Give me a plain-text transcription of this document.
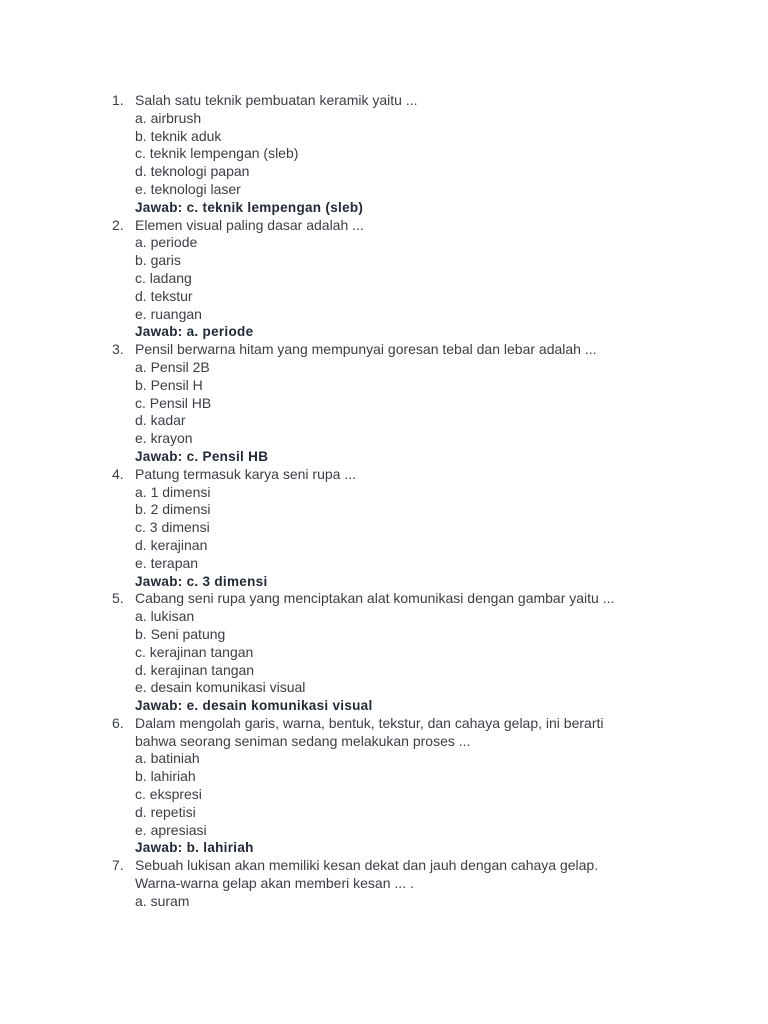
1. Salah satu teknik pembuatan keramik yaitu ...
a. airbrush
b. teknik aduk
c. teknik lempengan (sleb)
d. teknologi papan
e. teknologi laser
Jawab: c. teknik lempengan (sleb)
2. Elemen visual paling dasar adalah ...
a. periode
b. garis
c. ladang
d. tekstur
e. ruangan
Jawab: a. periode
3. Pensil berwarna hitam yang mempunyai goresan tebal dan lebar adalah ...
a. Pensil 2B
b. Pensil H
c. Pensil HB
d. kadar
e. krayon
Jawab: c. Pensil HB
4. Patung termasuk karya seni rupa ...
a. 1 dimensi
b. 2 dimensi
c. 3 dimensi
d. kerajinan
e. terapan
Jawab: c. 3 dimensi
5. Cabang seni rupa yang menciptakan alat komunikasi dengan gambar yaitu ...
a. lukisan
b. Seni patung
c. kerajinan tangan
d. kerajinan tangan
e. desain komunikasi visual
Jawab: e. desain komunikasi visual
6. Dalam mengolah garis, warna, bentuk, tekstur, dan cahaya gelap, ini berarti
bahwa seorang seniman sedang melakukan proses ...
a. batiniah
b. lahiriah
c. ekspresi
d. repetisi
e. apresiasi
Jawab: b. lahiriah
7. Sebuah lukisan akan memiliki kesan dekat dan jauh dengan cahaya gelap.
Warna-warna gelap akan memberi kesan ... .
a. suram
